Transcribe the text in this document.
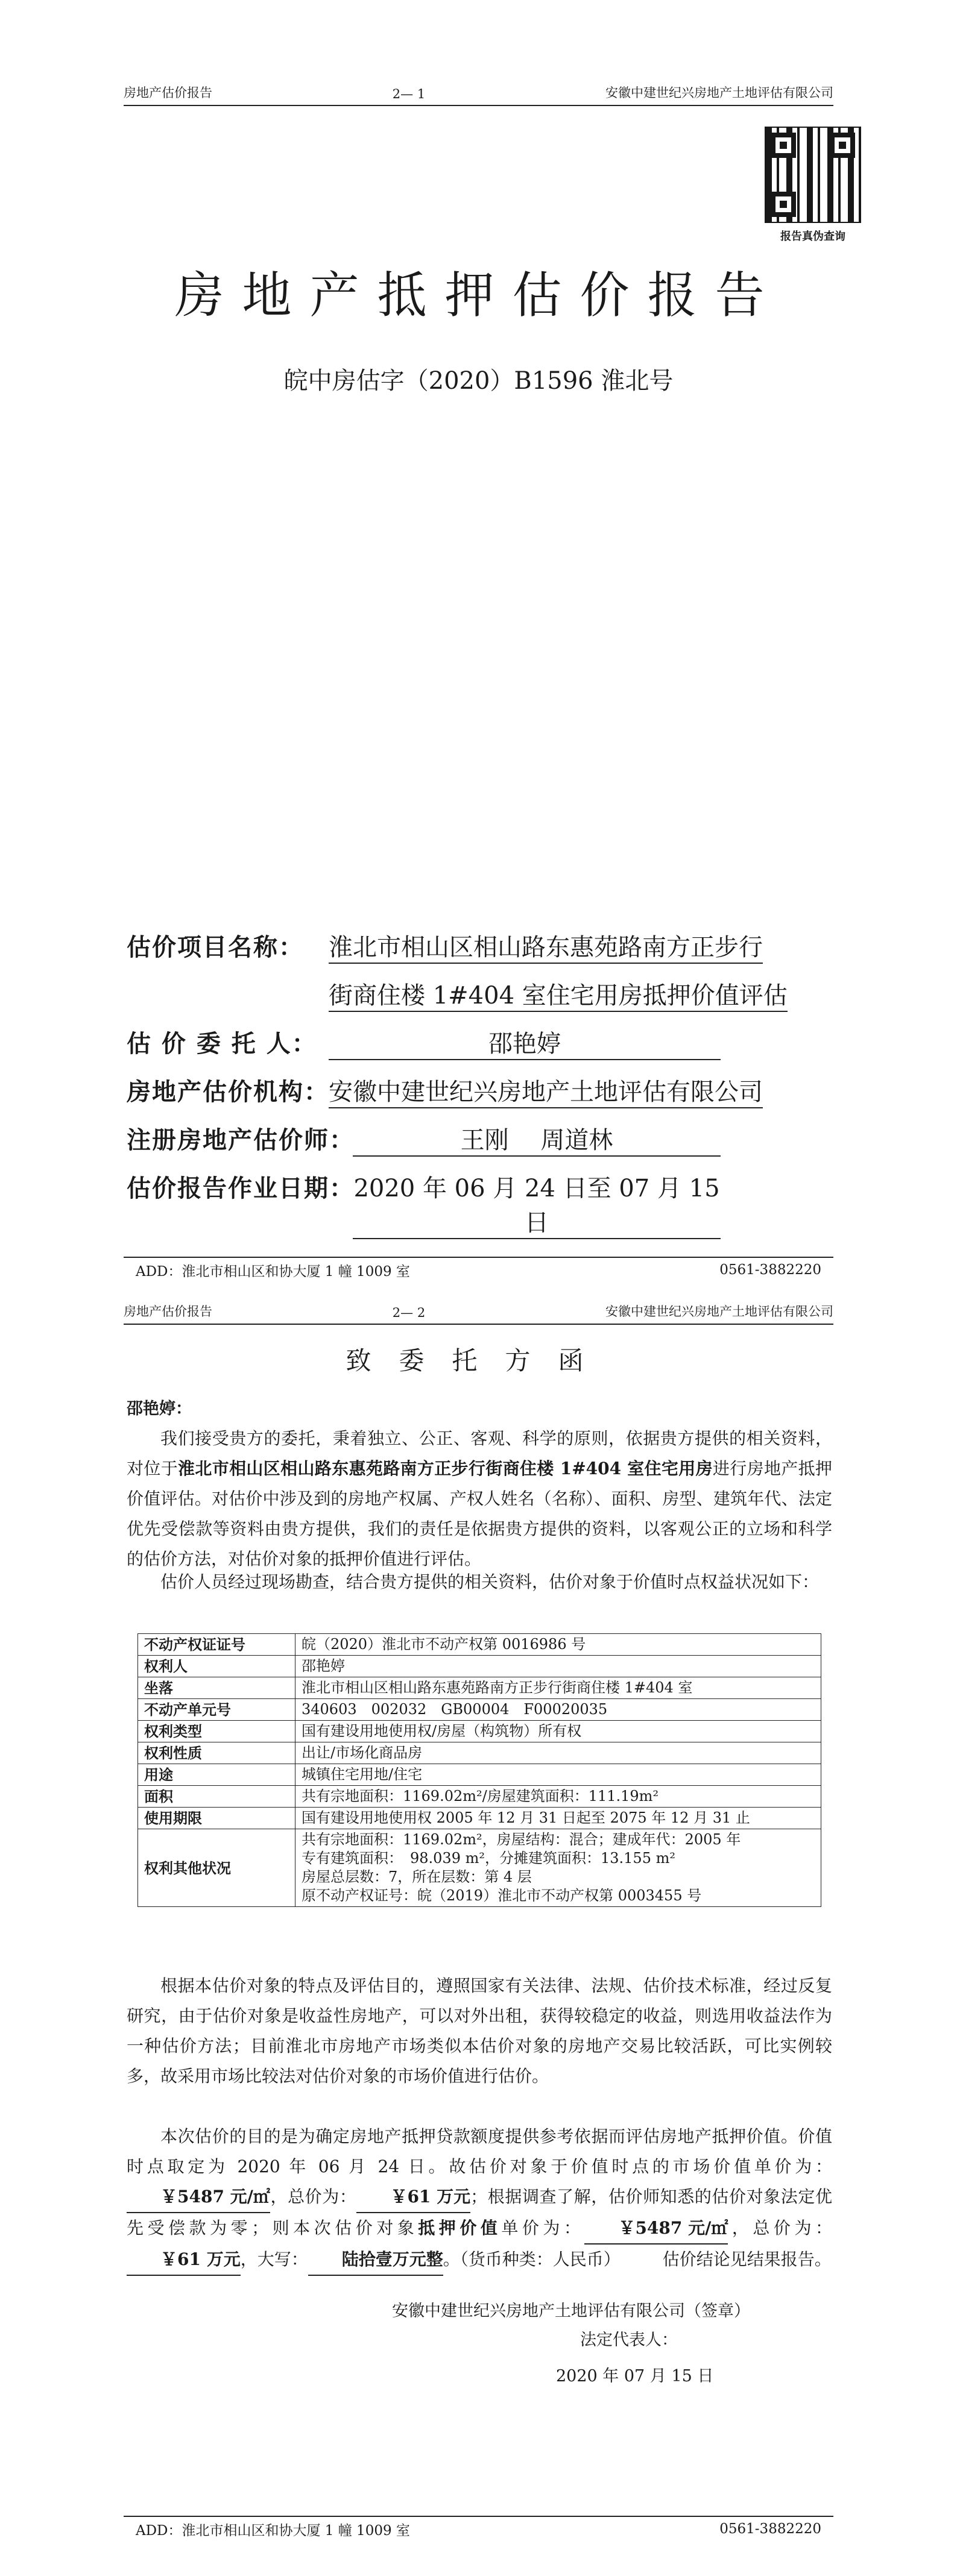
房地产估价报告	2— 1	安徽中建世纪兴房地产土地评估有限公司
报告真伪查询
房地产抵押估价报告
皖中房估字（2020）B1596 淮北号
估价项目名称： 淮北市相山区相山路东惠苑路南方正步行
街商住楼 1#404 室住宅用房抵押价值评估
估 价 委 托 人：	邵艳婷
房地产估价机构： 安徽中建世纪兴房地产土地评估有限公司
注册房地产估价师：	王刚　 周道林
估价报告作业日期：
2020 年 06 月 24 日至 07 月 15 日
ADD：淮北市相山区和协大厦 1 幢 1009 室	0561-3882220
房地产估价报告	2— 2	安徽中建世纪兴房地产土地评估有限公司
致委托方函
邵艳婷：
我们接受贵方的委托，秉着独立、公正、客观、科学的原则，依据贵方提供的相关资料，对位于淮北市相山区相山路东惠苑路南方正步行街商住楼 1#404 室住宅用房进行房地产抵押价值评估。对估价中涉及到的房地产权属、产权人姓名（名称）、面积、房型、建筑年代、法定优先受偿款等资料由贵方提供，我们的责任是依据贵方提供的资料，以客观公正的立场和科学的估价方法，对估价对象的抵押价值进行评估。
估价人员经过现场勘查，结合贵方提供的相关资料，估价对象于价值时点权益状况如下：
不动产权证证号	皖（2020）淮北市不动产权第 0016986 号

权利人	邵艳婷

坐落	淮北市相山区相山路东惠苑路南方正步行街商住楼 1#404 室

不动产单元号	340603　002032　GB00004　F00020035

权利类型	国有建设用地使用权/房屋（构筑物）所有权

权利性质	出让/市场化商品房

用途	城镇住宅用地/住宅

面积	共有宗地面积：1169.02m²/房屋建筑面积：111.19m²

使用期限	国有建设用地使用权 2005 年 12 月 31 日起至 2075 年 12 月 31 止

权利其他状况	共有宗地面积：1169.02m²，房屋结构：混合；建成年代：2005 年
专有建筑面积：　98.039 m²，分摊建筑面积：13.155 m²
房屋总层数：7，所在层数：第 4 层
原不动产权证号：皖（2019）淮北市不动产权第 0003455 号
根据本估价对象的特点及评估目的，遵照国家有关法律、法规、估价技术标准，经过反复研究，由于估价对象是收益性房地产，可以对外出租，获得较稳定的收益，则选用收益法作为一种估价方法；目前淮北市房地产市场类似本估价对象的房地产交易比较活跃，可比实例较多，故采用市场比较法对估价对象的市场价值进行估价。
本次估价的目的是为确定房地产抵押贷款额度提供参考依据而评估房地产抵押价值。价值时点取定为 2020 年 06 月 24 日。故估价对象于价值时点的市场价值单价为：￥5487 元/㎡，总价为： ￥61 万元；根据调查了解，估价师知悉的估价对象法定优先受偿款为零；则本次估价对象抵押价值单价为： ￥5487 元/㎡，总价为：￥61 万元，大写： 陆拾壹万元整。（货币种类：人民币）　　　估价结论见结果报告。
安徽中建世纪兴房地产土地评估有限公司（签章）
法定代表人：
2020 年 07 月 15 日
ADD：淮北市相山区和协大厦 1 幢 1009 室	0561-3882220
